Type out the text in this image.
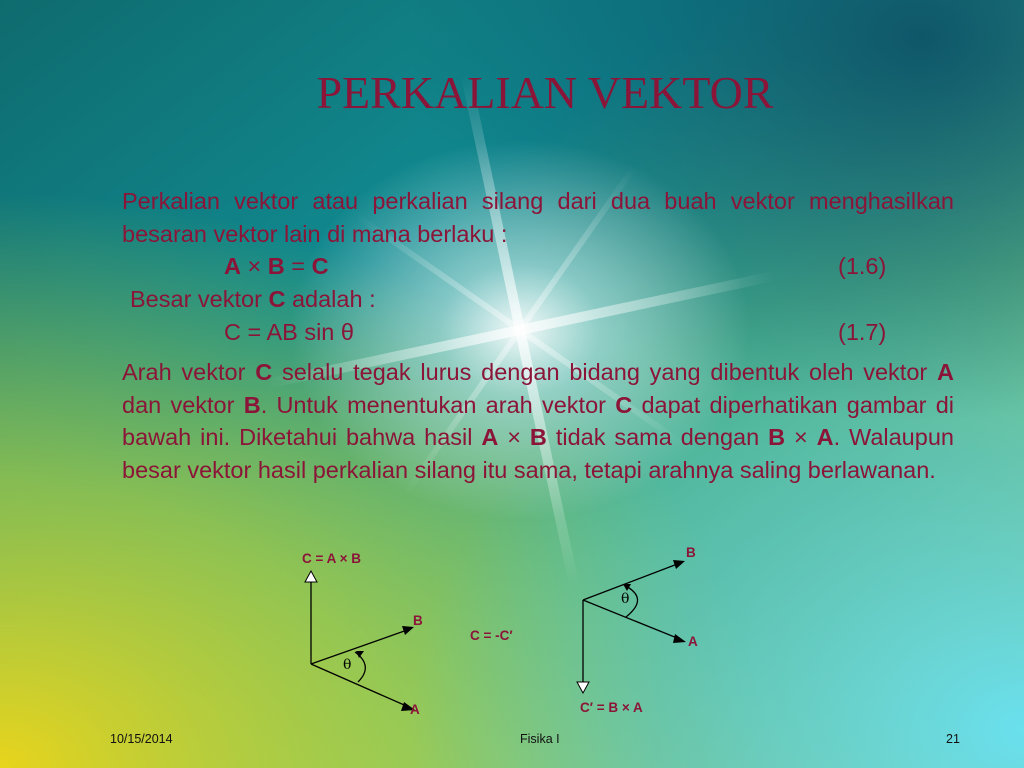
PERKALIAN VEKTOR
Perkalian vektor atau perkalian silang dari dua buah vektor menghasilkan besaran vektor lain di mana berlaku :
A × B = C	(1.6)
Besar vektor C adalah :
C = AB sin θ	(1.7)
Arah vektor C selalu tegak lurus dengan bidang yang dibentuk oleh vektor A dan vektor B. Untuk menentukan arah vektor C dapat diperhatikan gambar di bawah ini. Diketahui bahwa hasil A × B tidak sama dengan B × A. Walaupun besar vektor hasil perkalian silang itu sama, tetapi arahnya saling berlawanan.
θ
C = A × B
B
A
C = -C′
θ
B
A
C′ = B × A
10/15/2014	Fisika I	21
